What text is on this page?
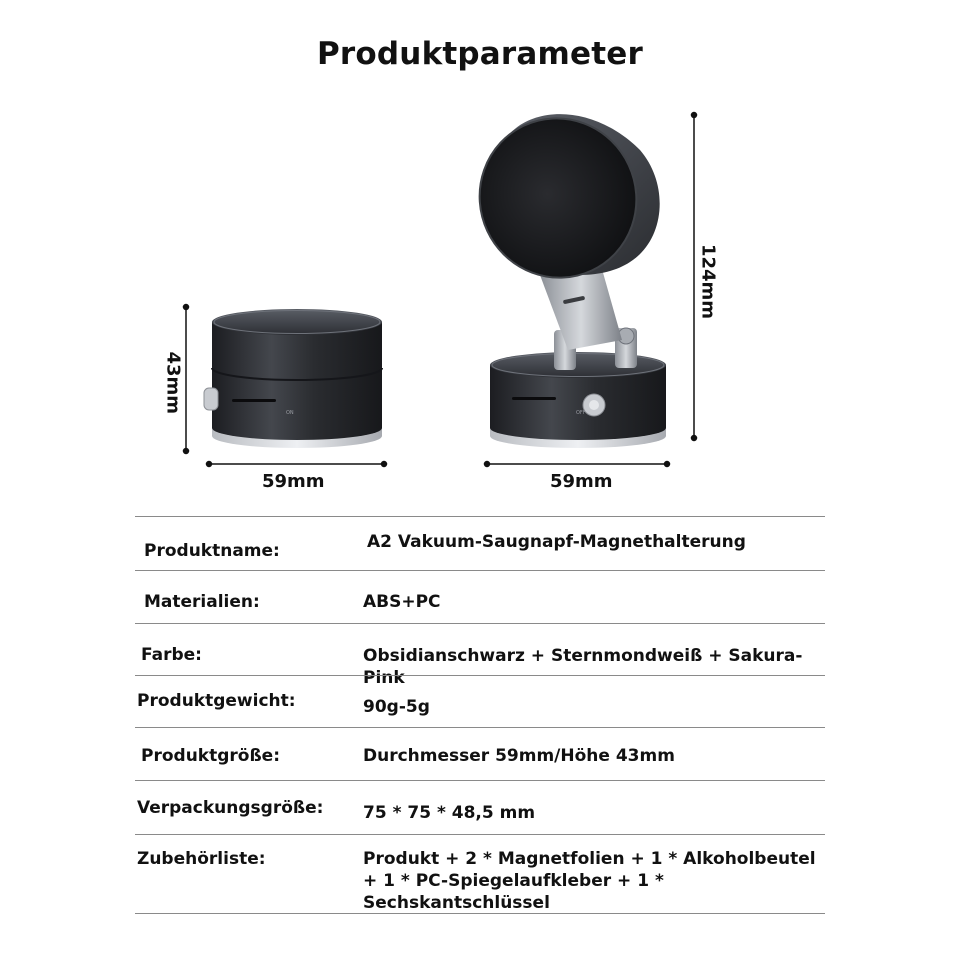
Produktparameter
ON	OFF
43mm
59mm
124mm
59mm
Produktname:	A2 Vakuum-Saugnapf-Magnethalterung
Materialien:	ABS+PC
Farbe:	Obsidianschwarz + Sternmondweiß + Sakura-Pink
Produktgewicht:	90g-5g
Produktgröße:	Durchmesser 59mm/Höhe 43mm
Verpackungsgröße: 75 * 75 * 48,5 mm
Zubehörliste:	Produkt + 2 * Magnetfolien + 1 * Alkoholbeutel + 1 * PC-Spiegelaufkleber + 1 * Sechskantschlüssel
